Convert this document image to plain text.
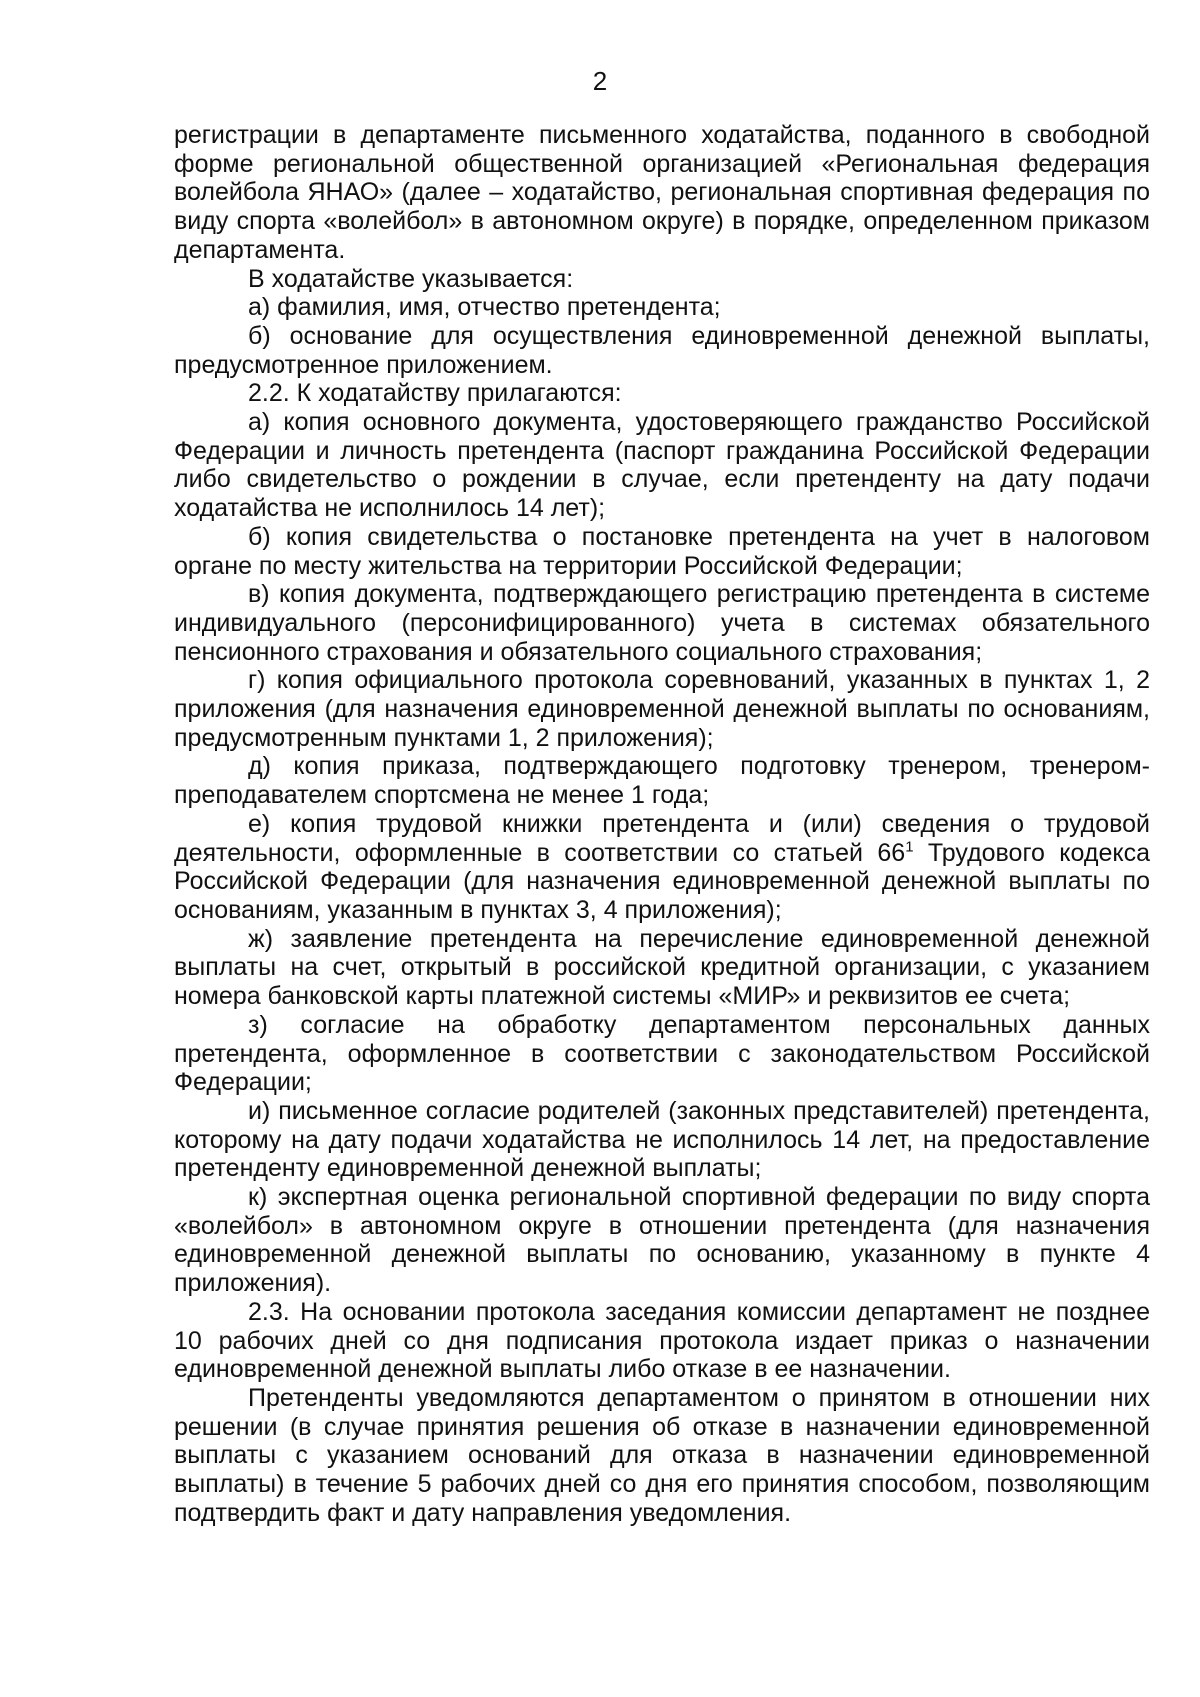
2

регистрации в департаменте письменного ходатайства, поданного в свободной форме региональной общественной организацией «Региональная федерация волейбола ЯНАО» (далее – ходатайство, региональная спортивная федерация по виду спорта «волейбол» в автономном округе) в порядке, определенном приказом департамента.

В ходатайстве указывается:

а) фамилия, имя, отчество претендента;

б) основание для осуществления единовременной денежной выплаты, предусмотренное приложением.

2.2. К ходатайству прилагаются:

а) копия основного документа, удостоверяющего гражданство Российской Федерации и личность претендента (паспорт гражданина Российской Федерации либо свидетельство о рождении в случае, если претенденту на дату подачи ходатайства не исполнилось 14 лет);

б) копия свидетельства о постановке претендента на учет в налоговом органе по месту жительства на территории Российской Федерации;

в) копия документа, подтверждающего регистрацию претендента в системе индивидуального (персонифицированного) учета в системах обязательного пенсионного страхования и обязательного социального страхования;

г) копия официального протокола соревнований, указанных в пунктах 1, 2 приложения (для назначения единовременной денежной выплаты по основаниям, предусмотренным пунктами 1, 2 приложения);

д) копия приказа, подтверждающего подготовку тренером, тренером-преподавателем спортсмена не менее 1 года;

е) копия трудовой книжки претендента и (или) сведения о трудовой деятельности, оформленные в соответствии со статьей $66^1$ Трудового кодекса Российской Федерации (для назначения единовременной денежной выплаты по основаниям, указанным в пунктах 3, 4 приложения);

ж) заявление претендента на перечисление единовременной денежной выплаты на счет, открытый в российской кредитной организации, с указанием номера банковской карты платежной системы «МИР» и реквизитов ее счета;

з) согласие на обработку департаментом персональных данных претендента, оформленное в соответствии с законодательством Российской Федерации;

и) письменное согласие родителей (законных представителей) претендента, которому на дату подачи ходатайства не исполнилось 14 лет, на предоставление претенденту единовременной денежной выплаты;

к) экспертная оценка региональной спортивной федерации по виду спорта «волейбол» в автономном округе в отношении претендента (для назначения единовременной денежной выплаты по основанию, указанному в пункте 4 приложения).

2.3. На основании протокола заседания комиссии департамент не позднее 10 рабочих дней со дня подписания протокола издает приказ о назначении единовременной денежной выплаты либо отказе в ее назначении.

Претенденты уведомляются департаментом о принятом в отношении них решении (в случае принятия решения об отказе в назначении единовременной выплаты с указанием оснований для отказа в назначении единовременной выплаты) в течение 5 рабочих дней со дня его принятия способом, позволяющим подтвердить факт и дату направления уведомления.
